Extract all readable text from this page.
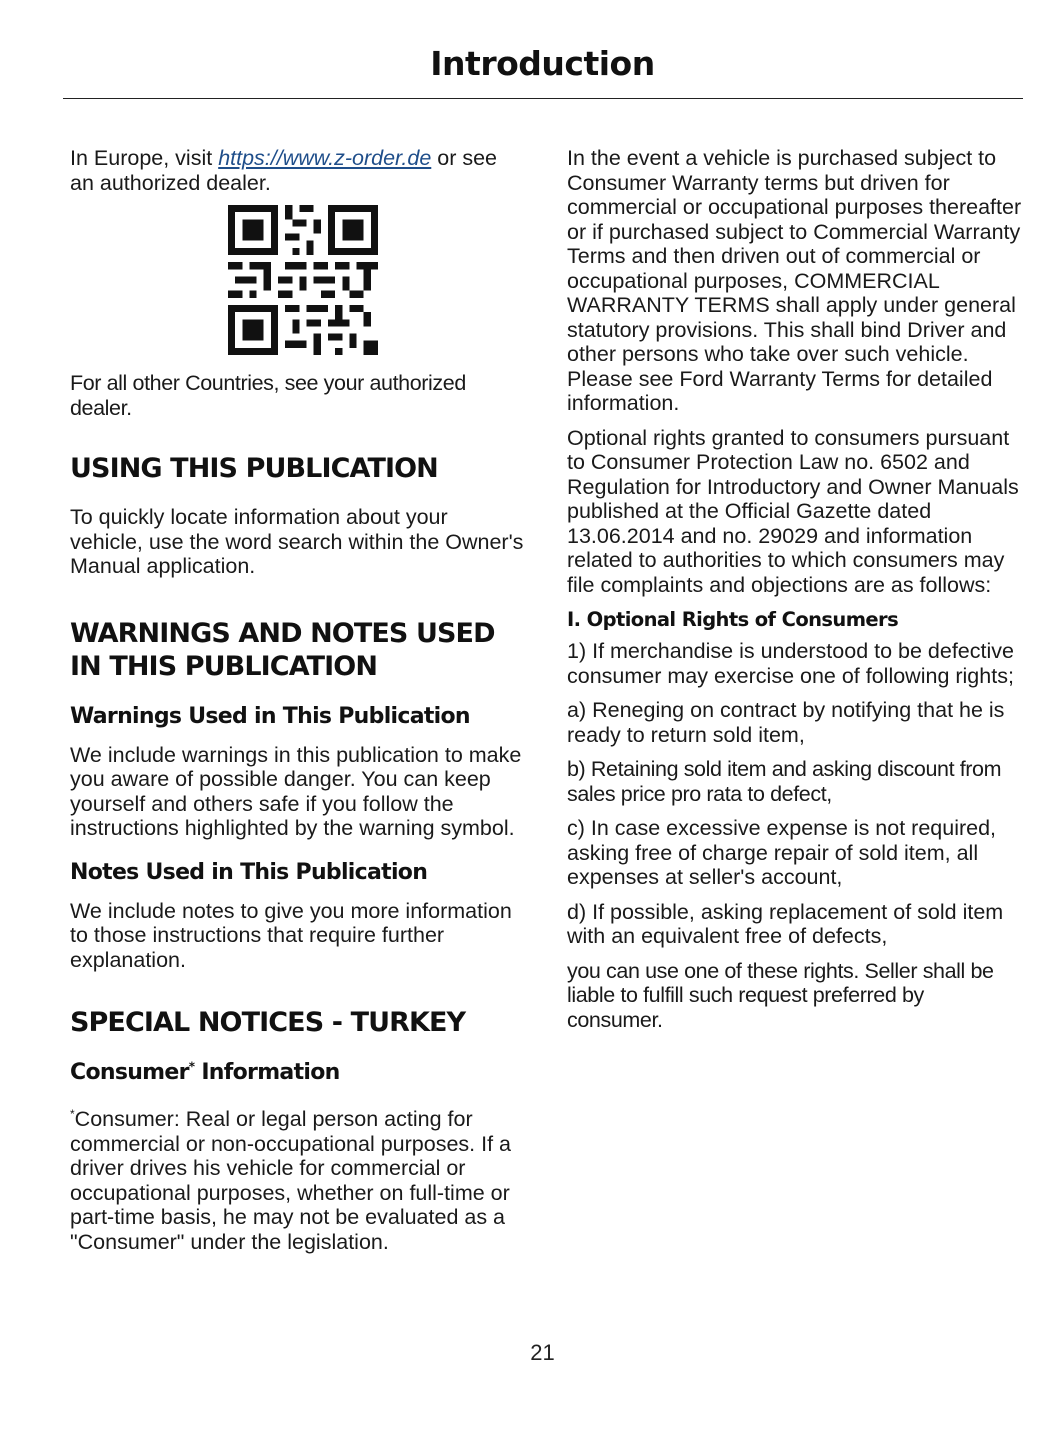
Introduction

In Europe, visit https://www.z-order.de or see an authorized dealer.

For all other Countries, see your authorized dealer.

USING THIS PUBLICATION

To quickly locate information about your vehicle, use the word search within the Owner's Manual application.

WARNINGS AND NOTES USED IN THIS PUBLICATION
Warnings Used in This Publication

We include warnings in this publication to make you aware of possible danger. You can keep yourself and others safe if you follow the instructions highlighted by the warning symbol.

Notes Used in This Publication

We include notes to give you more information to those instructions that require further explanation.

SPECIAL NOTICES - TURKEY
Consumer* Information

*Consumer: Real or legal person acting for commercial or non-occupational purposes. If a driver drives his vehicle for commercial or occupational purposes, whether on full-time or part-time basis, he may not be evaluated as a "Consumer" under the legislation.

In the event a vehicle is purchased subject to Consumer Warranty terms but driven for commercial or occupational purposes thereafter or if purchased subject to Commercial Warranty Terms and then driven out of commercial or occupational purposes, COMMERCIAL WARRANTY TERMS shall apply under general statutory provisions. This shall bind Driver and other persons who take over such vehicle. Please see Ford Warranty Terms for detailed information.

Optional rights granted to consumers pursuant to Consumer Protection Law no. 6502 and Regulation for Introductory and Owner Manuals published at the Official Gazette dated 13.06.2014 and no. 29029 and information related to authorities to which consumers may file complaints and objections are as follows:

I. Optional Rights of Consumers

1) If merchandise is understood to be defective consumer may exercise one of following rights;

a) Reneging on contract by notifying that he is ready to return sold item,

b) Retaining sold item and asking discount from sales price pro rata to defect,

c) In case excessive expense is not required, asking free of charge repair of sold item, all expenses at seller's account,

d) If possible, asking replacement of sold item with an equivalent free of defects,

you can use one of these rights. Seller shall be liable to fulfill such request preferred by consumer.

21
